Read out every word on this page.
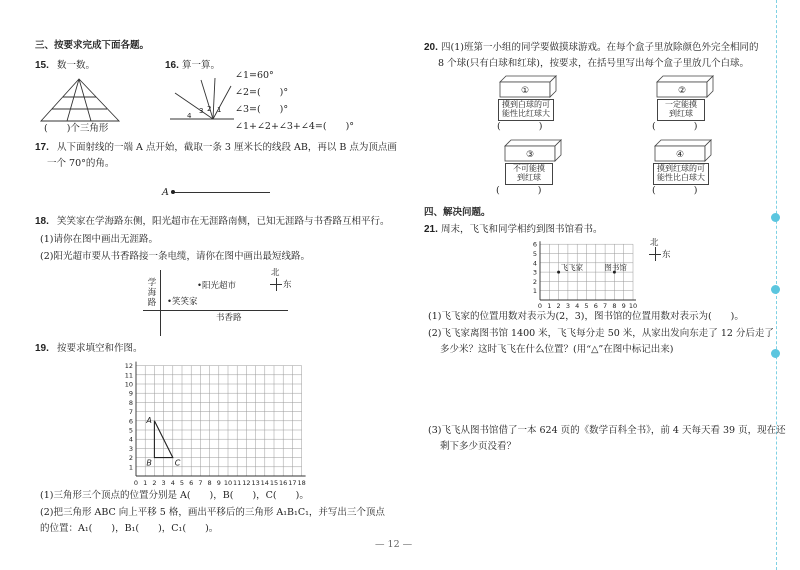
三、按要求完成下面各题。
15. 数一数。
(　　)个三角形
16. 算一算。
4
3 2 1
∠1=60°
∠2=(　　)°
∠3=(　　)°
∠1+∠2+∠3+∠4=(　　)°
17. 从下面射线的一端 A 点开始，截取一条 3 厘米长的线段 AB，再以 B 点为顶点画
一个 70°的角。
A
18. 笑笑家在学海路东侧，阳光超市在无涯路南侧，已知无涯路与书香路互相平行。
(1)请你在图中画出无涯路。
(2)阳光超市要从书香路接一条电缆，请你在图中画出最短线路。
学
海
路 •笑笑家
•阳光超市
书香路
北
东
19. 按要求填空和作图。
0 1 2 3 4 5 6 7 8 9 10 11 12 13 14 15 16 17 18
12
11
10
9
8
7
6
5
4
3
2
1
A
B	C
(1)三角形三个顶点的位置分别是 A(　　)，B(　　)，C(　　)。
(2)把三角形 ABC 向上平移 5 格，画出平移后的三角形 A₁B₁C₁，并写出三个顶点
的位置：A₁(　　)，B₁(　　)，C₁(　　)。
20. 四(1)班第一小组的同学要做摸球游戏。在每个盒子里放除颜色外完全相同的
8 个球(只有白球和红球)，按要求，在括号里写出每个盒子里放几个白球。
①
摸到白球的可
能性比红球大
(　　　　)
②
一定能摸
到红球
(　　　　)
③
不可能摸
到红球
(　　　　)
④
摸到红球的可
能性比白球大
(　　　　)
四、解决问题。
21. 周末，飞飞和同学相约到图书馆看书。
0 1 2 3 4 5 6 7 8 9 10
6
5
4
3
2
1
飞飞家	图书馆
北
东
(1)飞飞家的位置用数对表示为(2，3)，图书馆的位置用数对表示为(　　)。
(2)飞飞家离图书馆 1400 米，飞飞每分走 50 米，从家出发向东走了 12 分后走了
多少米？这时飞飞在什么位置？(用“△”在图中标记出来)
(3)飞飞从图书馆借了一本 624 页的《数学百科全书》，前 4 天每天看 39 页，现在还
剩下多少页没看？
— 12 —
